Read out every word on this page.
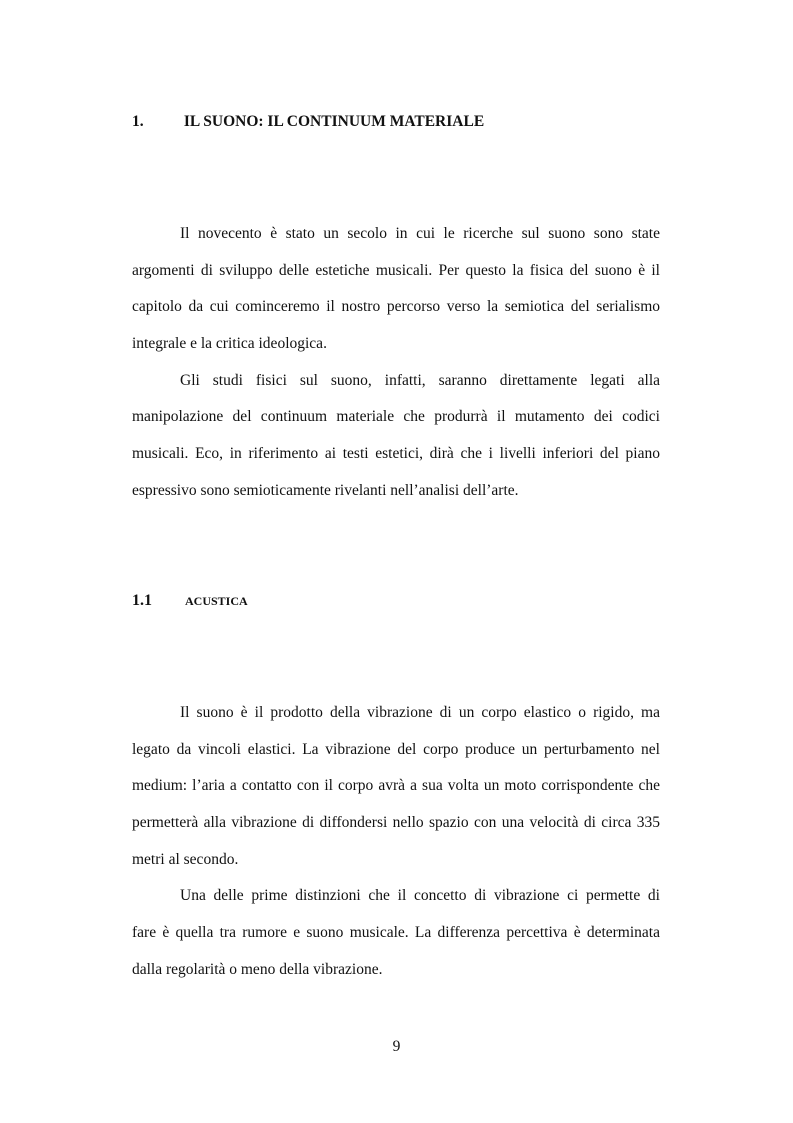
1.	IL SUONO: IL CONTINUUM MATERIALE

Il novecento è stato un secolo in cui le ricerche sul suono sono state
argomenti di sviluppo delle estetiche musicali. Per questo la fisica del suono è il
capitolo da cui cominceremo il nostro percorso verso la semiotica del serialismo
integrale e la critica ideologica.

Gli studi fisici sul suono, infatti, saranno direttamente legati alla
manipolazione del continuum materiale che produrrà il mutamento dei codici
musicali. Eco, in riferimento ai testi estetici, dirà che i livelli inferiori del piano
espressivo sono semioticamente rivelanti nell’analisi dell’arte.

1.1	ACUSTICA

Il suono è il prodotto della vibrazione di un corpo elastico o rigido, ma
legato da vincoli elastici. La vibrazione del corpo produce un perturbamento nel
medium: l’aria a contatto con il corpo avrà a sua volta un moto corrispondente che
permetterà alla vibrazione di diffondersi nello spazio con una velocità di circa 335
metri al secondo.

Una delle prime distinzioni che il concetto di vibrazione ci permette di
fare è quella tra rumore e suono musicale. La differenza percettiva è determinata
dalla regolarità o meno della vibrazione.

9
